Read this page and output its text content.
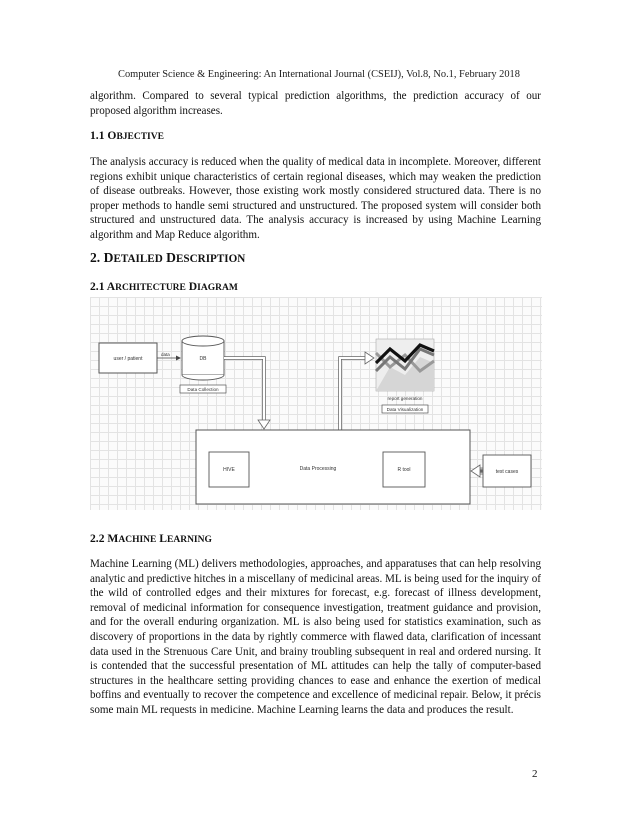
Computer Science & Engineering: An International Journal (CSEIJ), Vol.8, No.1, February 2018

algorithm. Compared to several typical prediction algorithms, the prediction accuracy of our proposed algorithm increases.

1.1 OBJECTIVE

The analysis accuracy is reduced when the quality of medical data in incomplete. Moreover, different regions exhibit unique characteristics of certain regional diseases, which may weaken the prediction of disease outbreaks. However, those existing work mostly considered structured data. There is no proper methods to handle semi structured and unstructured. The proposed system will consider both structured and unstructured data. The analysis accuracy is increased by using Machine Learning algorithm and Map Reduce algorithm.

2. DETAILED DESCRIPTION
2.1 ARCHITECTURE DIAGRAM
user / patient
data
DB
Data Collection
report generation
Data Visualization
Data Processing
HIVE	R tool	test cases
2.2 MACHINE LEARNING

Machine Learning (ML) delivers methodologies, approaches, and apparatuses that can help resolving analytic and predictive hitches in a miscellany of medicinal areas. ML is being used for the inquiry of the wild of controlled edges and their mixtures for forecast, e.g. forecast of illness development, removal of medicinal information for consequence investigation, treatment guidance and provision, and for the overall enduring organization. ML is also being used for statistics examination, such as discovery of proportions in the data by rightly commerce with flawed data, clarification of incessant data used in the Strenuous Care Unit, and brainy troubling subsequent in real and ordered nursing. It is contended that the successful presentation of ML attitudes can help the tally of computer-based structures in the healthcare setting providing chances to ease and enhance the exertion of medical boffins and eventually to recover the competence and excellence of medicinal repair. Below, it précis some main ML requests in medicine. Machine Learning learns the data and produces the result.

2
